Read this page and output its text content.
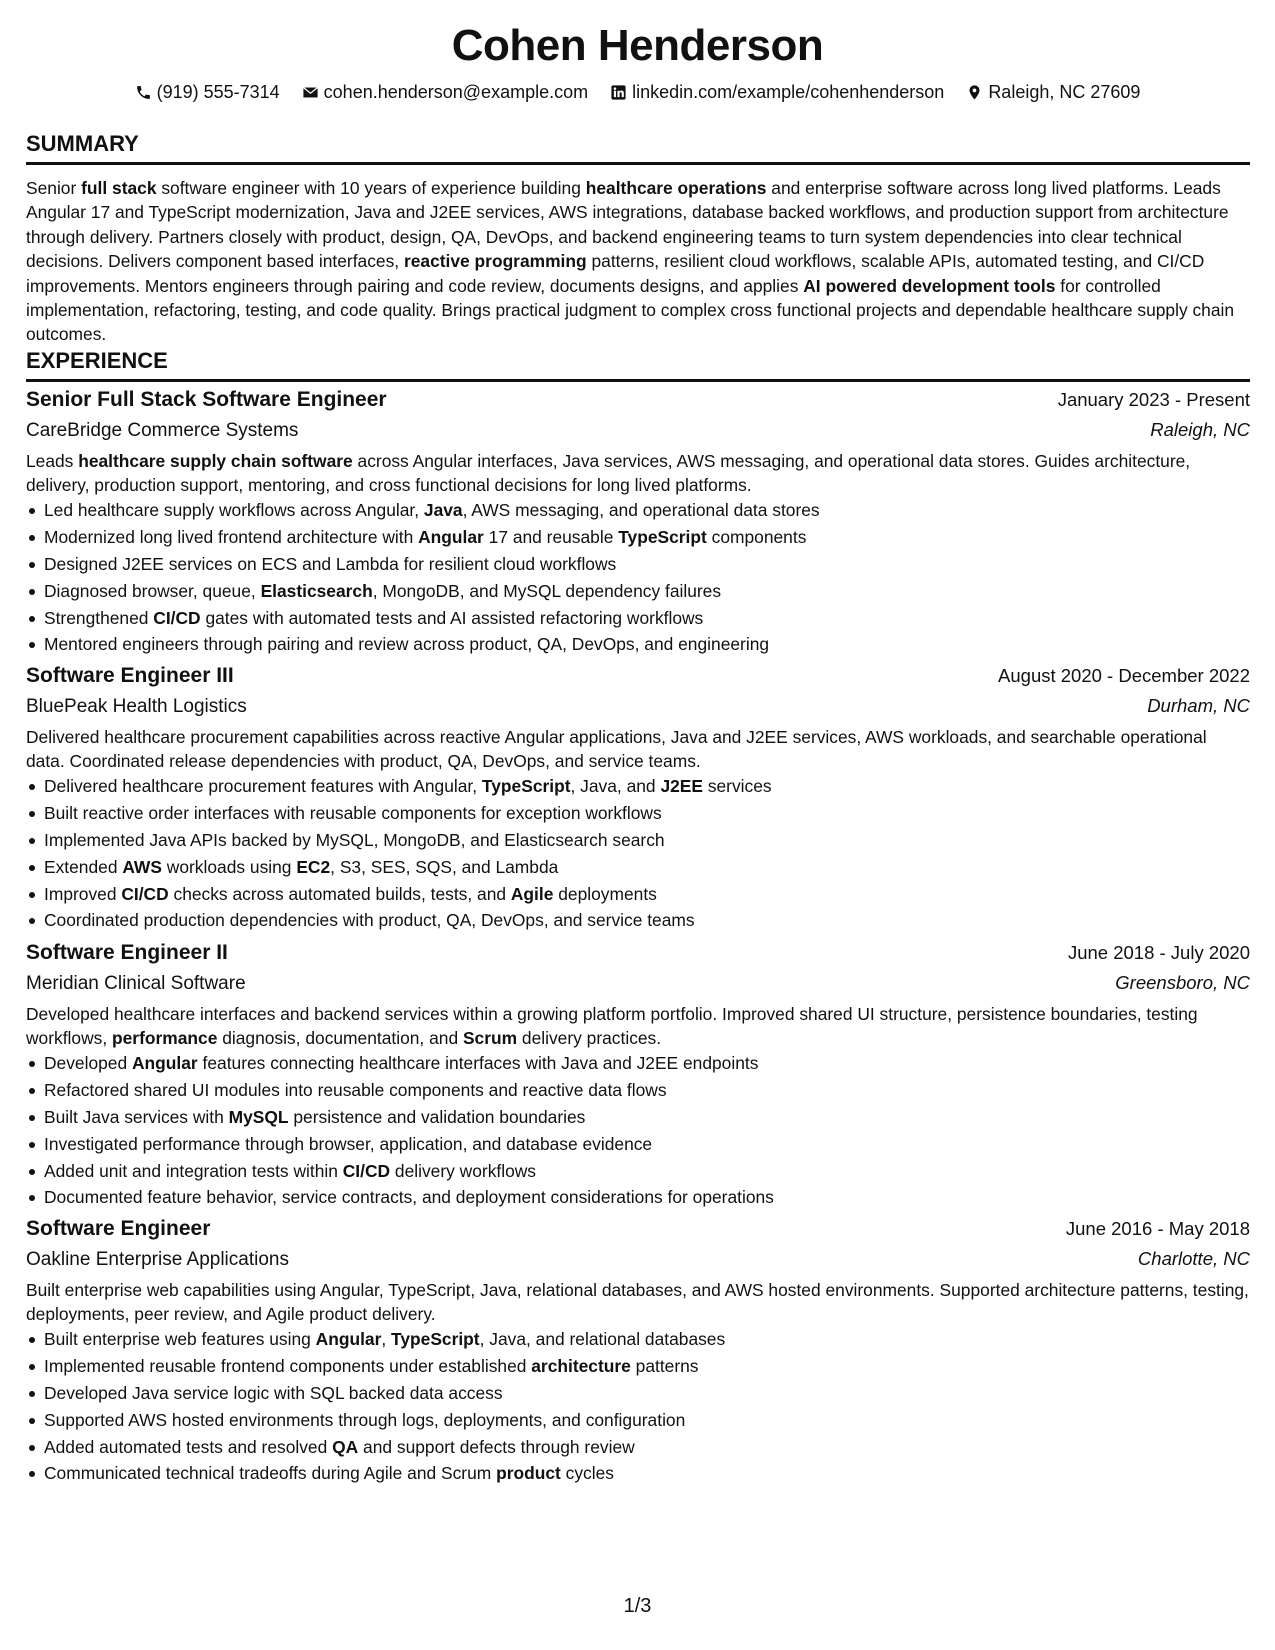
Cohen Henderson
(919) 555-7314 cohen.henderson@example.com linkedin.com/example/cohenhenderson Raleigh, NC 27609
SUMMARY
Senior full stack software engineer with 10 years of experience building healthcare operations and enterprise software across long lived platforms. Leads Angular 17 and TypeScript modernization, Java and J2EE services, AWS integrations, database backed workflows, and production support from architecture through delivery. Partners closely with product, design, QA, DevOps, and backend engineering teams to turn system dependencies into clear technical decisions. Delivers component based interfaces, reactive programming patterns, resilient cloud workflows, scalable APIs, automated testing, and CI/CD improvements. Mentors engineers through pairing and code review, documents designs, and applies AI powered development tools for controlled implementation, refactoring, testing, and code quality. Brings practical judgment to complex cross functional projects and dependable healthcare supply chain outcomes.
EXPERIENCE
Senior Full Stack Software Engineer	January 2023 - Present
CareBridge Commerce Systems	Raleigh, NC
Leads healthcare supply chain software across Angular interfaces, Java services, AWS messaging, and operational data stores. Guides architecture, delivery, production support, mentoring, and cross functional decisions for long lived platforms.
Led healthcare supply workflows across Angular, Java, AWS messaging, and operational data stores
Modernized long lived frontend architecture with Angular 17 and reusable TypeScript components
Designed J2EE services on ECS and Lambda for resilient cloud workflows
Diagnosed browser, queue, Elasticsearch, MongoDB, and MySQL dependency failures
Strengthened CI/CD gates with automated tests and AI assisted refactoring workflows
Mentored engineers through pairing and review across product, QA, DevOps, and engineering
Software Engineer III	August 2020 - December 2022
BluePeak Health Logistics	Durham, NC
Delivered healthcare procurement capabilities across reactive Angular applications, Java and J2EE services, AWS workloads, and searchable operational data. Coordinated release dependencies with product, QA, DevOps, and service teams.
Delivered healthcare procurement features with Angular, TypeScript, Java, and J2EE services
Built reactive order interfaces with reusable components for exception workflows
Implemented Java APIs backed by MySQL, MongoDB, and Elasticsearch search
Extended AWS workloads using EC2, S3, SES, SQS, and Lambda
Improved CI/CD checks across automated builds, tests, and Agile deployments
Coordinated production dependencies with product, QA, DevOps, and service teams
Software Engineer II	June 2018 - July 2020
Meridian Clinical Software	Greensboro, NC
Developed healthcare interfaces and backend services within a growing platform portfolio. Improved shared UI structure, persistence boundaries, testing workflows, performance diagnosis, documentation, and Scrum delivery practices.
Developed Angular features connecting healthcare interfaces with Java and J2EE endpoints
Refactored shared UI modules into reusable components and reactive data flows
Built Java services with MySQL persistence and validation boundaries
Investigated performance through browser, application, and database evidence
Added unit and integration tests within CI/CD delivery workflows
Documented feature behavior, service contracts, and deployment considerations for operations
Software Engineer	June 2016 - May 2018
Oakline Enterprise Applications	Charlotte, NC
Built enterprise web capabilities using Angular, TypeScript, Java, relational databases, and AWS hosted environments. Supported architecture patterns, testing, deployments, peer review, and Agile product delivery.
Built enterprise web features using Angular, TypeScript, Java, and relational databases
Implemented reusable frontend components under established architecture patterns
Developed Java service logic with SQL backed data access
Supported AWS hosted environments through logs, deployments, and configuration
Added automated tests and resolved QA and support defects through review
Communicated technical tradeoffs during Agile and Scrum product cycles
1/3
